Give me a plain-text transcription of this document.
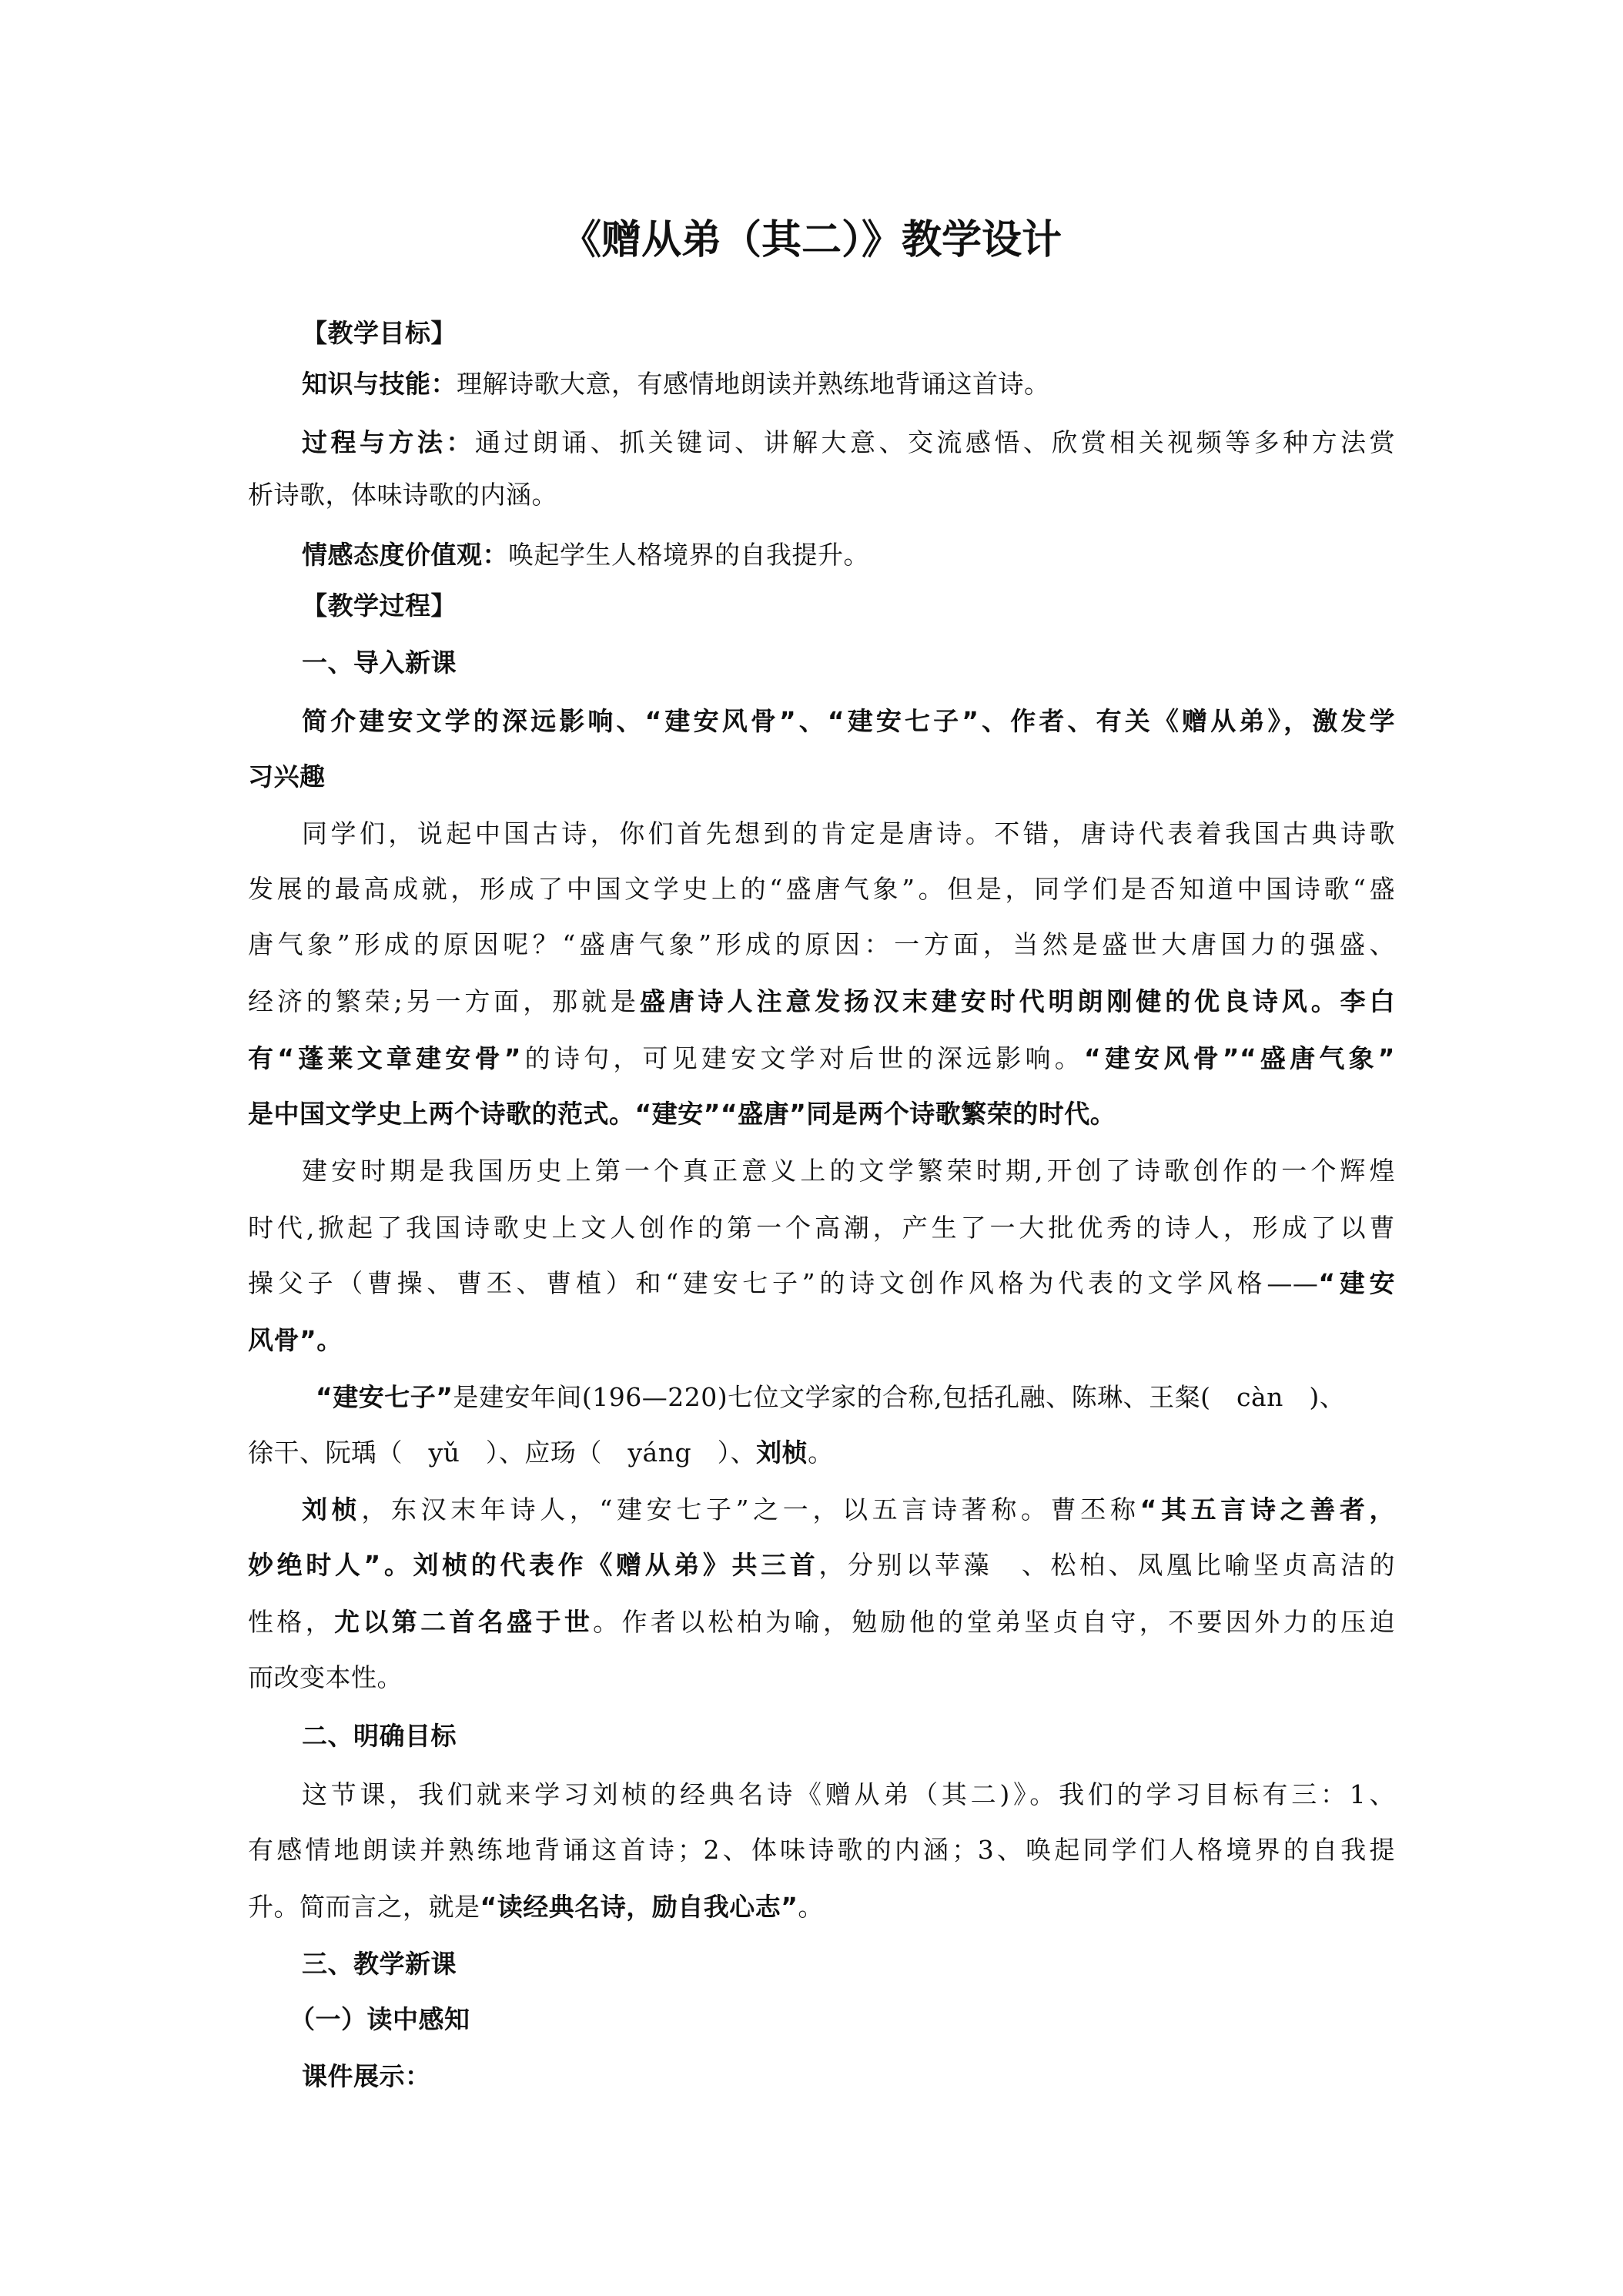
《赠从弟（其二）》教学设计
【教学目标】
知识与技能：理解诗歌大意，有感情地朗读并熟练地背诵这首诗。
过程与方法：通过朗诵、抓关键词、讲解大意、交流感悟、欣赏相关视频等多种方法赏
析诗歌，体味诗歌的内涵。
情感态度价值观：唤起学生人格境界的自我提升。
【教学过程】
一、导入新课
简介建安文学的深远影响、“建安风骨”、“建安七子”、作者、有关《赠从弟》，激发学
习兴趣
同学们，说起中国古诗，你们首先想到的肯定是唐诗。不错，唐诗代表着我国古典诗歌
发展的最高成就，形成了中国文学史上的“盛唐气象”。但是，同学们是否知道中国诗歌“盛
唐气象”形成的原因呢？“盛唐气象”形成的原因：一方面，当然是盛世大唐国力的强盛、
经济的繁荣;另一方面，那就是盛唐诗人注意发扬汉末建安时代明朗刚健的优良诗风。李白
有“蓬莱文章建安骨”的诗句，可见建安文学对后世的深远影响。“建安风骨”“盛唐气象”
是中国文学史上两个诗歌的范式。“建安”“盛唐”同是两个诗歌繁荣的时代。
建安时期是我国历史上第一个真正意义上的文学繁荣时期,开创了诗歌创作的一个辉煌
时代,掀起了我国诗歌史上文人创作的第一个高潮，产生了一大批优秀的诗人，形成了以曹
操父子（曹操、曹丕、曹植）和“建安七子”的诗文创作风格为代表的文学风格——“建安
风骨”。
“建安七子”是建安年间(196—220)七位文学家的合称,包括孔融、陈琳、王粲(　càn　)、
徐干、阮瑀（　yǔ　）、应玚（　yáng　）、刘桢。
刘桢，东汉末年诗人，“建安七子”之一，以五言诗著称。曹丕称“其五言诗之善者，
妙绝时人”。刘桢的代表作《赠从弟》共三首，分别以苹藻　、松柏、凤凰比喻坚贞高洁的
性格，尤以第二首名盛于世。作者以松柏为喻，勉励他的堂弟坚贞自守，不要因外力的压迫
而改变本性。
二、明确目标
这节课，我们就来学习刘桢的经典名诗《赠从弟（其二)》。我们的学习目标有三：1、
有感情地朗读并熟练地背诵这首诗；2、体味诗歌的内涵；3、唤起同学们人格境界的自我提
升。简而言之，就是“读经典名诗，励自我心志”。
三、教学新课
（一）读中感知
课件展示：
